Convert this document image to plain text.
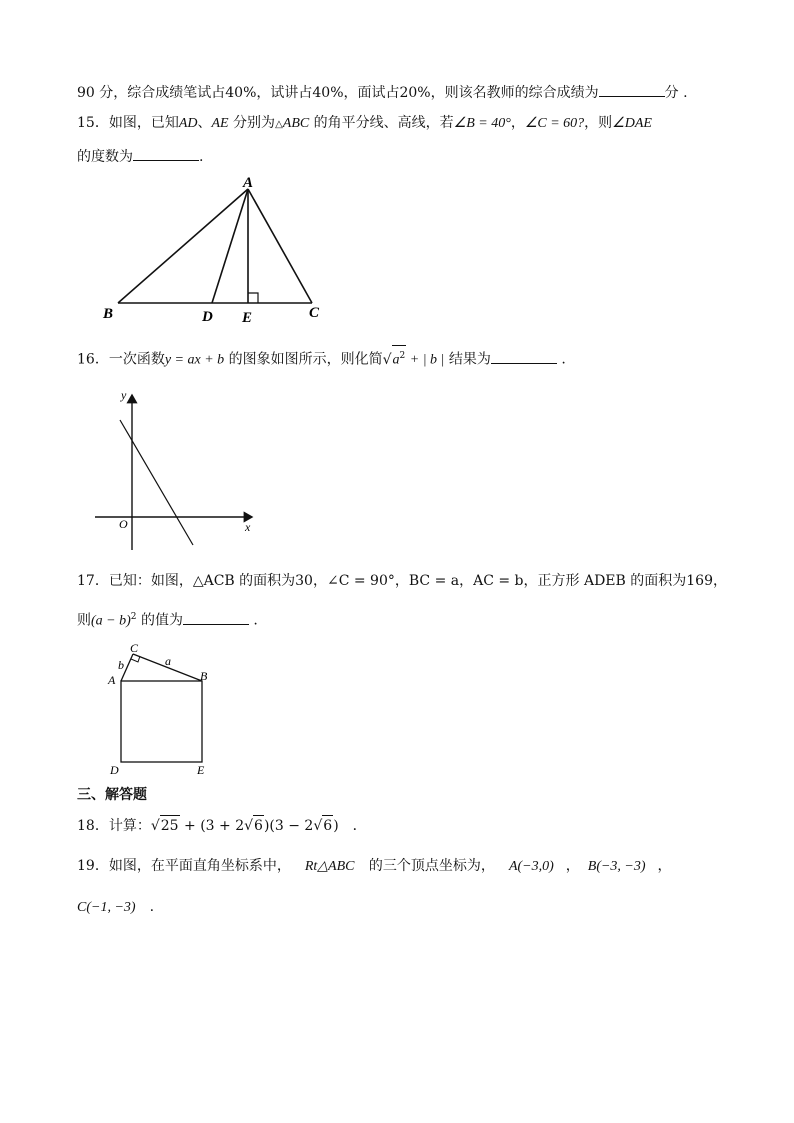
90 分，综合成绩笔试占40%，试讲占40%，面试占20%，则该名教师的综合成绩为	分 .
15．如图，已知AD、AE 分别为△ABC 的角平分线、高线，若∠B = 40°，∠C = 60?，则∠DAE
的度数为	.
A
B	D E	C
16．一次函数y = ax + b 的图象如图所示，则化简$√a^2$ + | b | 结果为	.
y
x
O
17．已知：如图，△ACB 的面积为30，∠C = 90°，BC = a，AC = b，正方形 ADEB 的面积为169，
则$(a - b)^2$ 的值为	.
C
b	a
A	B
D	E
三、解答题
18．计算：√25 + (3 + 2√6)(3 − 2√6) ．
19．如图，在平面直角坐标系中， Rt△ABC 的三个顶点坐标为， A(−3,0) ， B(−3, −3) ，
C(−1, −3) .
